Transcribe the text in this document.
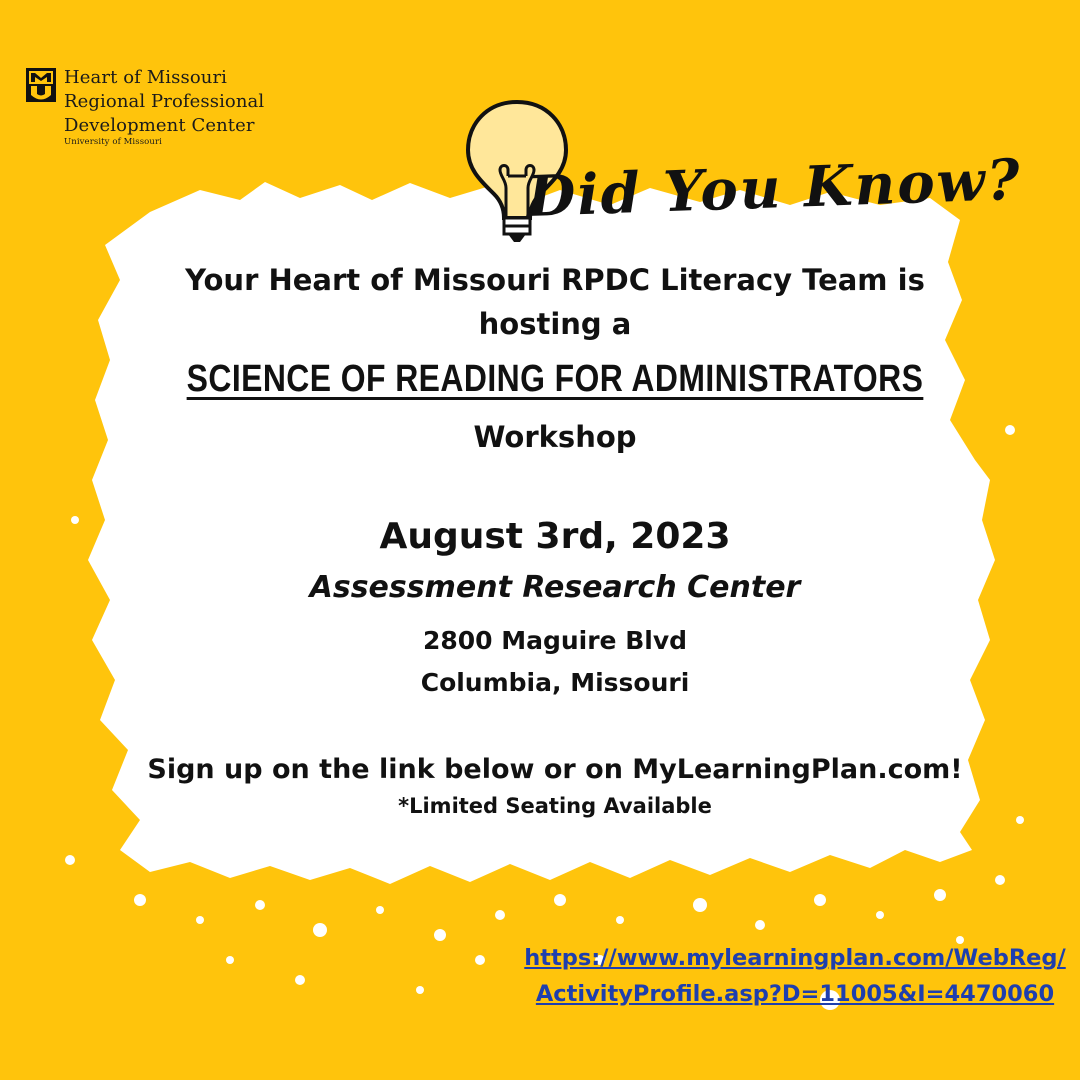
Heart of Missouri
Regional Professional
Development Center
University of Missouri
Did You Know?
Your Heart of Missouri RPDC Literacy Team is
hosting a
SCIENCE OF READING FOR ADMINISTRATORS
Workshop
August 3rd, 2023
Assessment Research Center
2800 Maguire Blvd
Columbia, Missouri
Sign up on the link below or on MyLearningPlan.com!
*Limited Seating Available
https://www.mylearningplan.com/WebReg/
ActivityProfile.asp?D=11005&I=4470060
